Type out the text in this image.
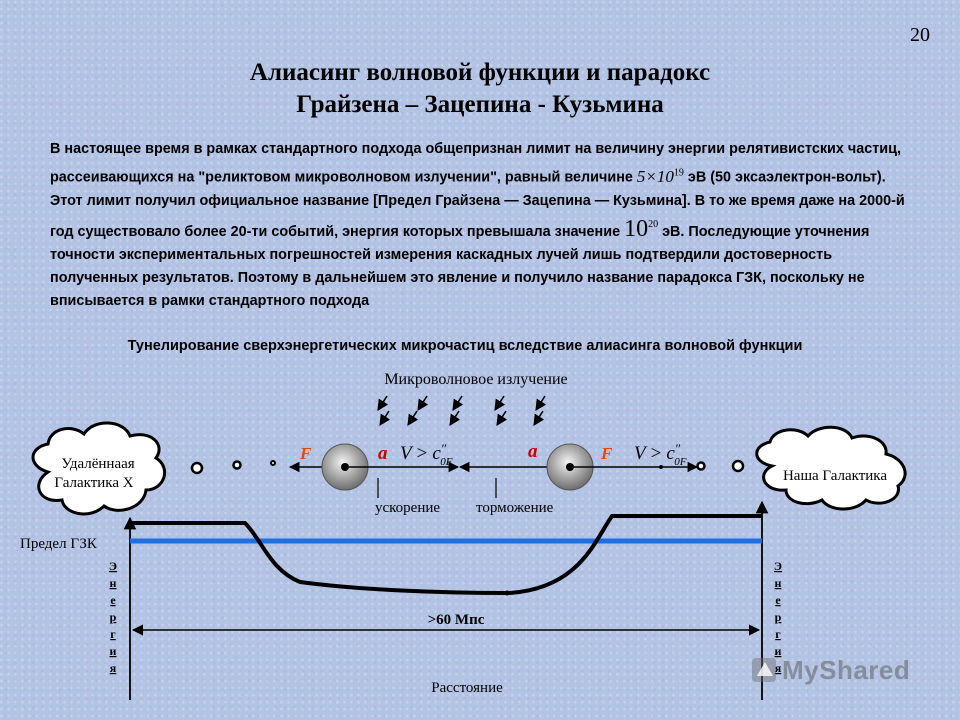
20
Алиасинг волновой функции и парадокс
Грайзена – Зацепина - Кузьмина

В настоящее время в рамках стандартного подхода общепризнан лимит на величину энергии релятивистских частиц, рассеивающихся на "реликтовом микроволновом излучении", равный величине $5\times 10^{19}$ эВ (50 эксаэлектрон-вольт). Этот лимит получил официальное название [Предел Грайзена — Зацепина — Кузьмина]. В то же время даже на 2000-й год существовало более 20-ти событий, энергия которых превышала значение $10^{20}$ эВ. Последующие уточнения точности экспериментальных погрешностей измерения каскадных лучей лишь подтвердили достоверность полученных результатов. Поэтому в дальнейшем это явление и получило название парадокса ГЗК, поскольку не вписывается в рамки стандартного подхода

Тунелирование сверхэнергетических микрочастиц вследствие алиасинга волновой функции
Микроволновое излучение
Удалённаая
Галактика Х	Наша Галактика
F	a V > c″ 0F
ускорение
a	F V > c″ 0F
торможение
Предел ГЗК
>60 Мпс
Расстояние
Э
н
е
р
г
и
я
Э
н
е
р
г
и
я MyShared
